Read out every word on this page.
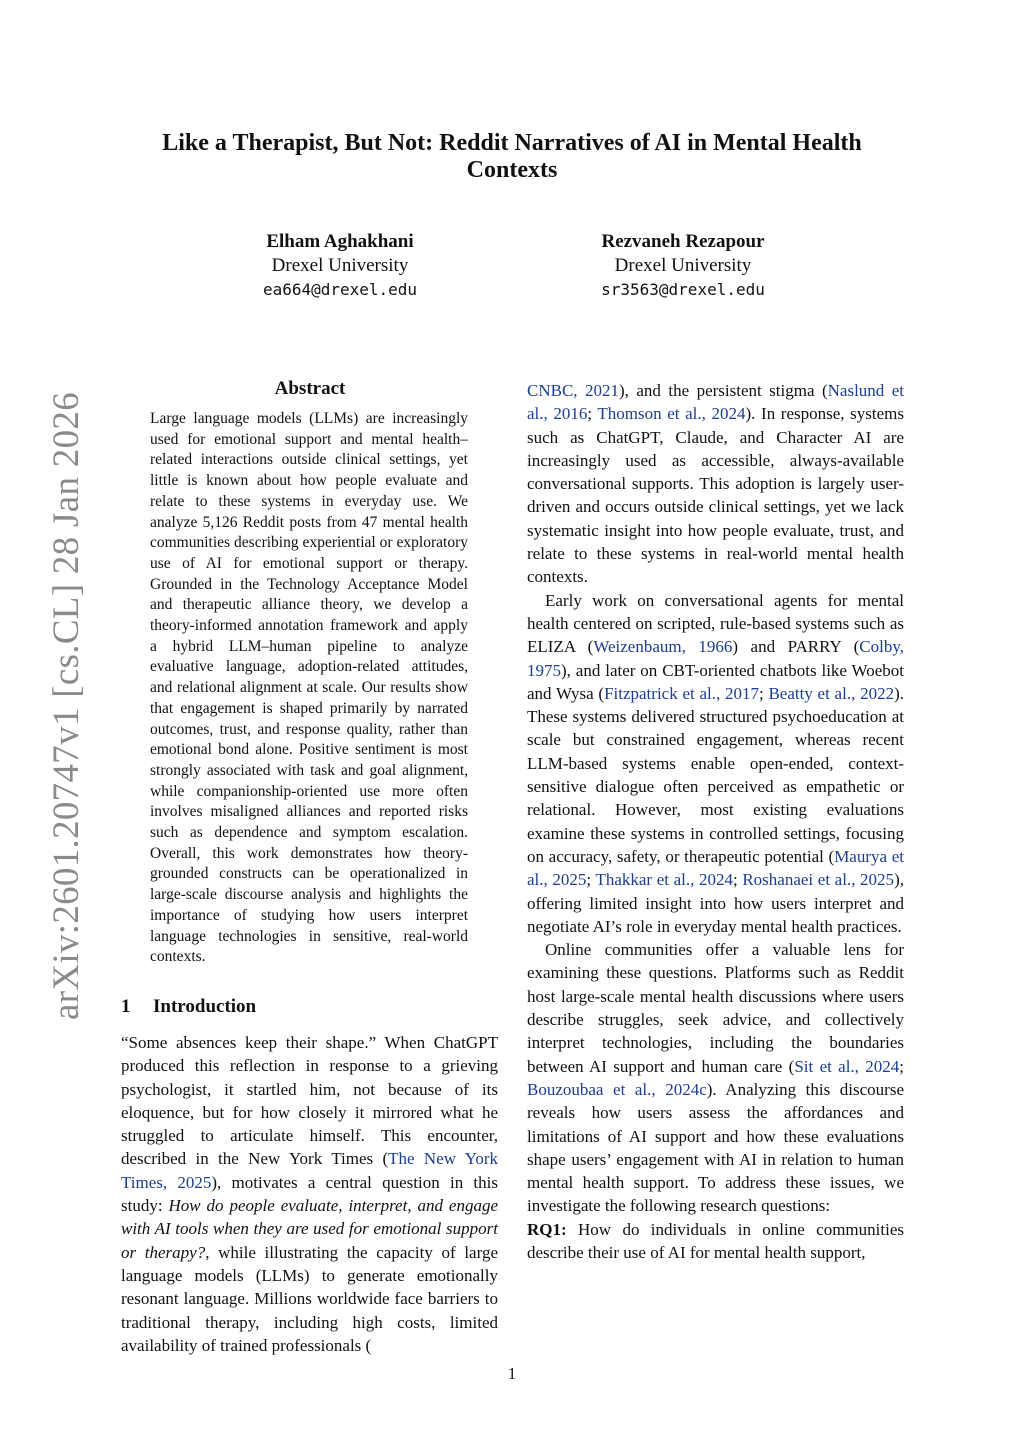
arXiv:2601.20747v1 [cs.CL] 28 Jan 2026
Like a Therapist, But Not: Reddit Narratives of AI in Mental Health Contexts
Elham Aghakhani
Drexel University
ea664@drexel.edu
Rezvaneh Rezapour
Drexel University
sr3563@drexel.edu
Abstract
Large language models (LLMs) are increasingly used for emotional support and mental health–related interactions outside clinical settings, yet little is known about how people evaluate and relate to these systems in everyday use. We analyze 5,126 Reddit posts from 47 mental health communities describing experiential or exploratory use of AI for emotional support or therapy. Grounded in the Technology Acceptance Model and therapeutic alliance theory, we develop a theory-informed annotation framework and apply a hybrid LLM–human pipeline to analyze evaluative language, adoption-related attitudes, and relational alignment at scale. Our results show that engagement is shaped primarily by narrated outcomes, trust, and response quality, rather than emotional bond alone. Positive sentiment is most strongly associated with task and goal alignment, while companionship-oriented use more often involves misaligned alliances and reported risks such as dependence and symptom escalation. Overall, this work demonstrates how theory-grounded constructs can be operationalized in large-scale discourse analysis and highlights the importance of studying how users interpret language technologies in sensitive, real-world contexts.
1 Introduction

“Some absences keep their shape.” When ChatGPT produced this reflection in response to a grieving psychologist, it startled him, not because of its eloquence, but for how closely it mirrored what he struggled to articulate himself. This encounter, described in the New York Times (The New York Times, 2025), motivates a central question in this study: How do people evaluate, interpret, and engage with AI tools when they are used for emotional support or therapy?, while illustrating the capacity of large language models (LLMs) to generate emotionally resonant language. Millions worldwide face barriers to traditional therapy, including high costs, limited availability of trained professionals (

CNBC, 2021), and the persistent stigma (Naslund et al., 2016; Thomson et al., 2024). In response, systems such as ChatGPT, Claude, and Character AI are increasingly used as accessible, always-available conversational supports. This adoption is largely user-driven and occurs outside clinical settings, yet we lack systematic insight into how people evaluate, trust, and relate to these systems in real-world mental health contexts.

Early work on conversational agents for mental health centered on scripted, rule-based systems such as ELIZA (Weizenbaum, 1966) and PARRY (Colby, 1975), and later on CBT-oriented chatbots like Woebot and Wysa (Fitzpatrick et al., 2017; Beatty et al., 2022). These systems delivered structured psychoeducation at scale but constrained engagement, whereas recent LLM-based systems enable open-ended, context-sensitive dialogue often perceived as empathetic or relational. However, most existing evaluations examine these systems in controlled settings, focusing on accuracy, safety, or therapeutic potential (Maurya et al., 2025; Thakkar et al., 2024; Roshanaei et al., 2025), offering limited insight into how users interpret and negotiate AI’s role in everyday mental health practices.

Online communities offer a valuable lens for examining these questions. Platforms such as Reddit host large-scale mental health discussions where users describe struggles, seek advice, and collectively interpret technologies, including the boundaries between AI support and human care (Sit et al., 2024; Bouzoubaa et al., 2024c). Analyzing this discourse reveals how users assess the affordances and limitations of AI support and how these evaluations shape users’ engagement with AI in relation to human mental health support. To address these issues, we investigate the following research questions:

RQ1: How do individuals in online communities describe their use of AI for mental health support,

1
